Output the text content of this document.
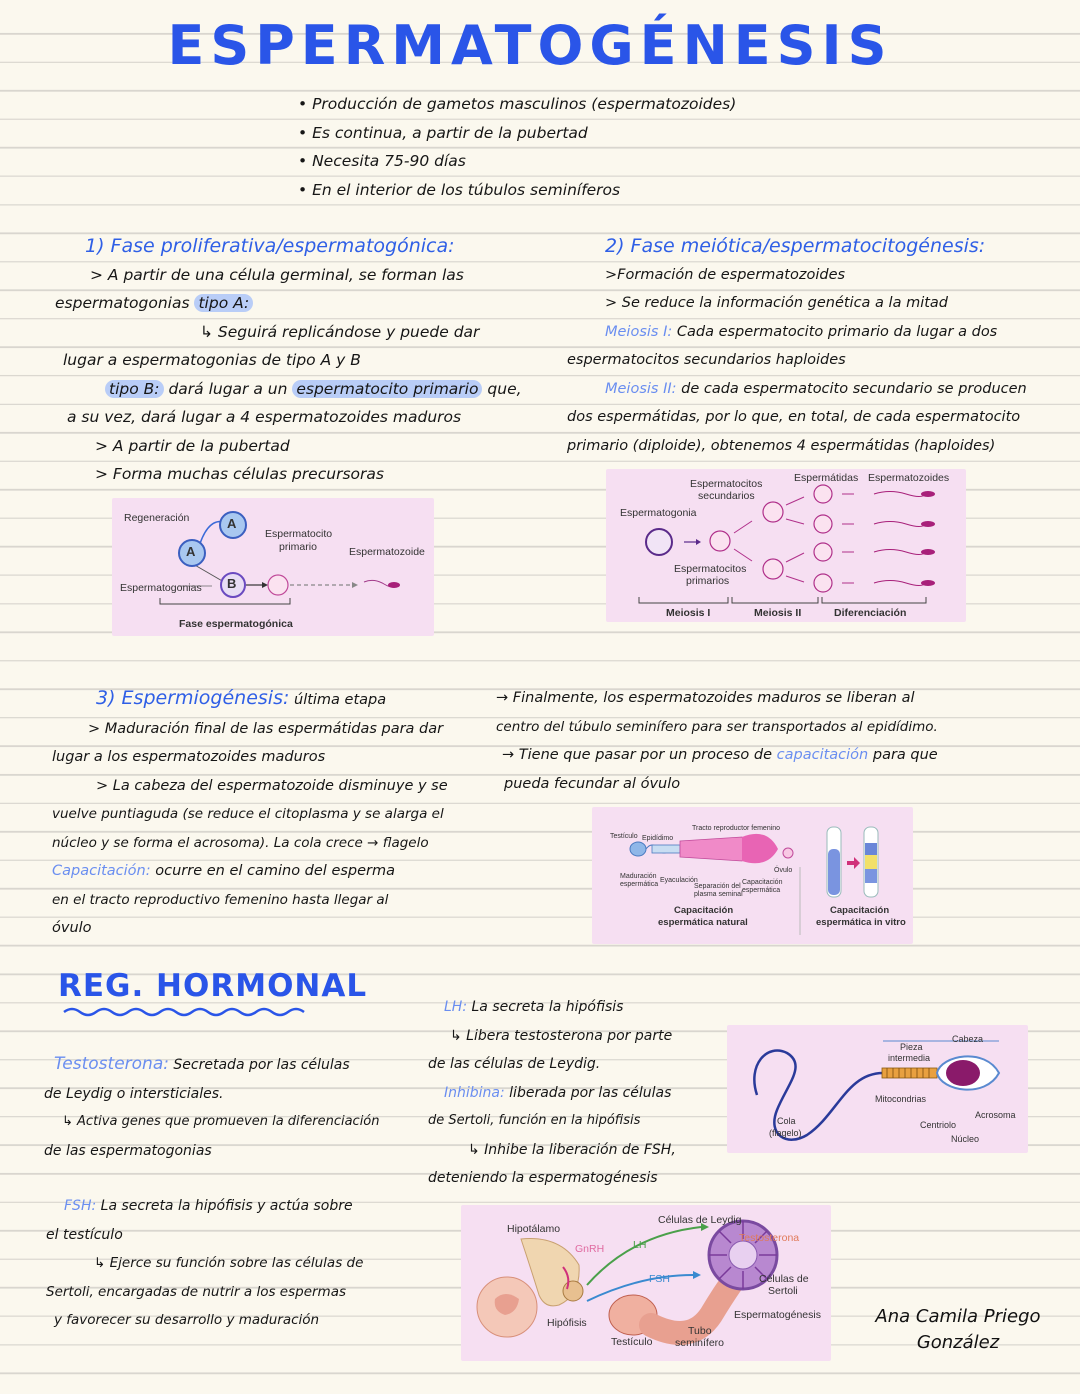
ESPERMATOGÉNESIS
• Producción de gametos masculinos (espermatozoides)
• Es continua, a partir de la pubertad
• Necesita 75-90 días
• En el interior de los túbulos seminíferos
1) Fase proliferativa/espermatogónica:
> A partir de una célula germinal, se forman las
espermatogonias tipo A:
↳ Seguirá replicándose y puede dar
lugar a espermatogonias de tipo A y B
tipo B: dará lugar a un espermatocito primario que,
a su vez, dará lugar a 4 espermatozoides maduros
> A partir de la pubertad
> Forma muchas células precursoras
Regeneración	A
A
B
Espermatocito
primario	Espermatozoide
Espermatogonias
Fase espermatogónica
2) Fase meiótica/espermatocitogénesis:
>Formación de espermatozoides
> Se reduce la información genética a la mitad
Meiosis I: Cada espermatocito primario da lugar a dos
espermatocitos secundarios haploides
Meiosis II: de cada espermatocito secundario se producen
dos espermátidas, por lo que, en total, de cada espermatocito
primario (diploide), obtenemos 4 espermátidas (haploides)
Espermatogonia
Espermatocitos
secundarios
Espermátidas Espermatozoides
Espermatocitos
primarios
Meiosis I	Meiosis II	Diferenciación
3) Espermiogénesis: última etapa
> Maduración final de las espermátidas para dar
lugar a los espermatozoides maduros
> La cabeza del espermatozoide disminuye y se
vuelve puntiaguda (se reduce el citoplasma y se alarga el
núcleo y se forma el acrosoma). La cola crece → flagelo
Capacitación: ocurre en el camino del esperma
en el tracto reproductivo femenino hasta llegar al
óvulo
→ Finalmente, los espermatozoides maduros se liberan al
centro del túbulo seminífero para ser transportados al epidídimo.
→ Tiene que pasar por un proceso de capacitación para que
pueda fecundar al óvulo
Testículo Epidídimo
Tracto reproductor femenino
Óvulo
Maduración
espermática
Eyaculación
Separación del
plasma seminal
Capacitación
espermática
Capacitación
espermática natural
Capacitación
espermática in vitro
REG. HORMONAL
Testosterona: Secretada por las células
de Leydig o intersticiales.
↳ Activa genes que promueven la diferenciación
de las espermatogonias
LH: La secreta la hipófisis
↳ Libera testosterona por parte
de las células de Leydig.
Inhibina: liberada por las células
de Sertoli, función en la hipófisis
↳ Inhibe la liberación de FSH,
deteniendo la espermatogénesis
FSH: La secreta la hipófisis y actúa sobre
el testículo
↳ Ejerce su función sobre las células de
Sertoli, encargadas de nutrir a los espermas
y favorecer su desarrollo y maduración
Pieza
intermedia
Cabeza
Mitocondrias
Acrosoma
Cola
(flagelo)
Centriolo
Núcleo
Hipotálamo
GnRH	LH
FSH
Células de Leydig
Testosterona
Células de
Sertoli
Espermatogénesis
Hipófisis
Testículo
Tubo
seminífero
Ana Camila Priego
González
